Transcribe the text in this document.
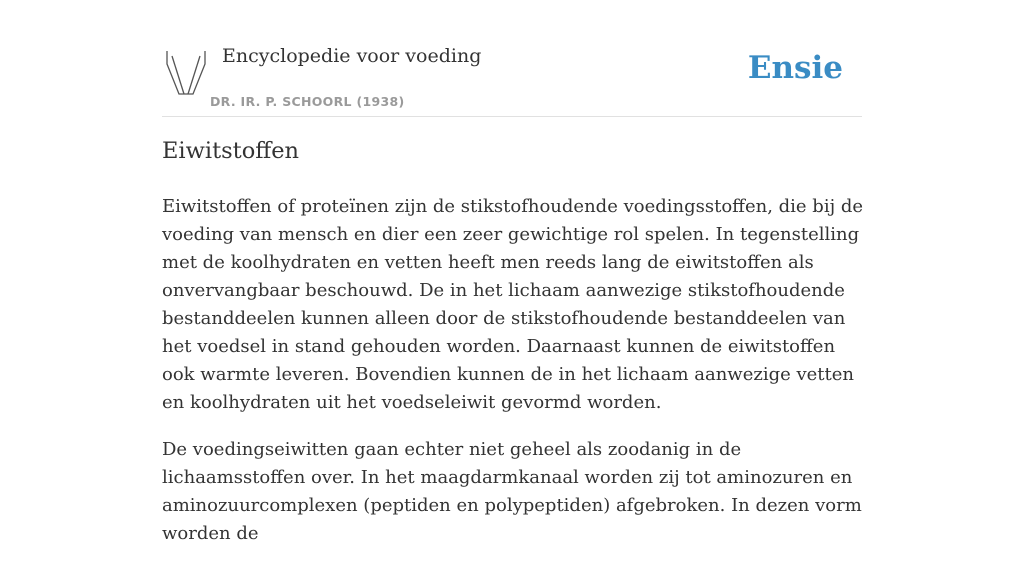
Encyclopedie voor voeding
DR. IR. P. SCHOORL (1938)
Ensie
Eiwitstoffen

Eiwitstoffen of proteïnen zijn de stikstofhoudende voedingsstoffen, die bij de voeding van mensch en dier een zeer gewichtige rol spelen. In tegenstelling met de koolhydraten en vetten heeft men reeds lang de eiwitstoffen als onvervangbaar beschouwd. De in het lichaam aanwezige stikstofhoudende bestanddeelen kunnen alleen door de stikstofhoudende bestanddeelen van het voedsel in stand gehouden worden. Daarnaast kunnen de eiwitstoffen ook warmte leveren. Bovendien kunnen de in het lichaam aanwezige vetten en koolhydraten uit het voedseleiwit gevormd worden.

De voedingseiwitten gaan echter niet geheel als zoodanig in de lichaamsstoffen over. In het maagdarmkanaal worden zij tot aminozuren en aminozuurcomplexen (peptiden en polypeptiden) afgebroken. In dezen vorm worden de
